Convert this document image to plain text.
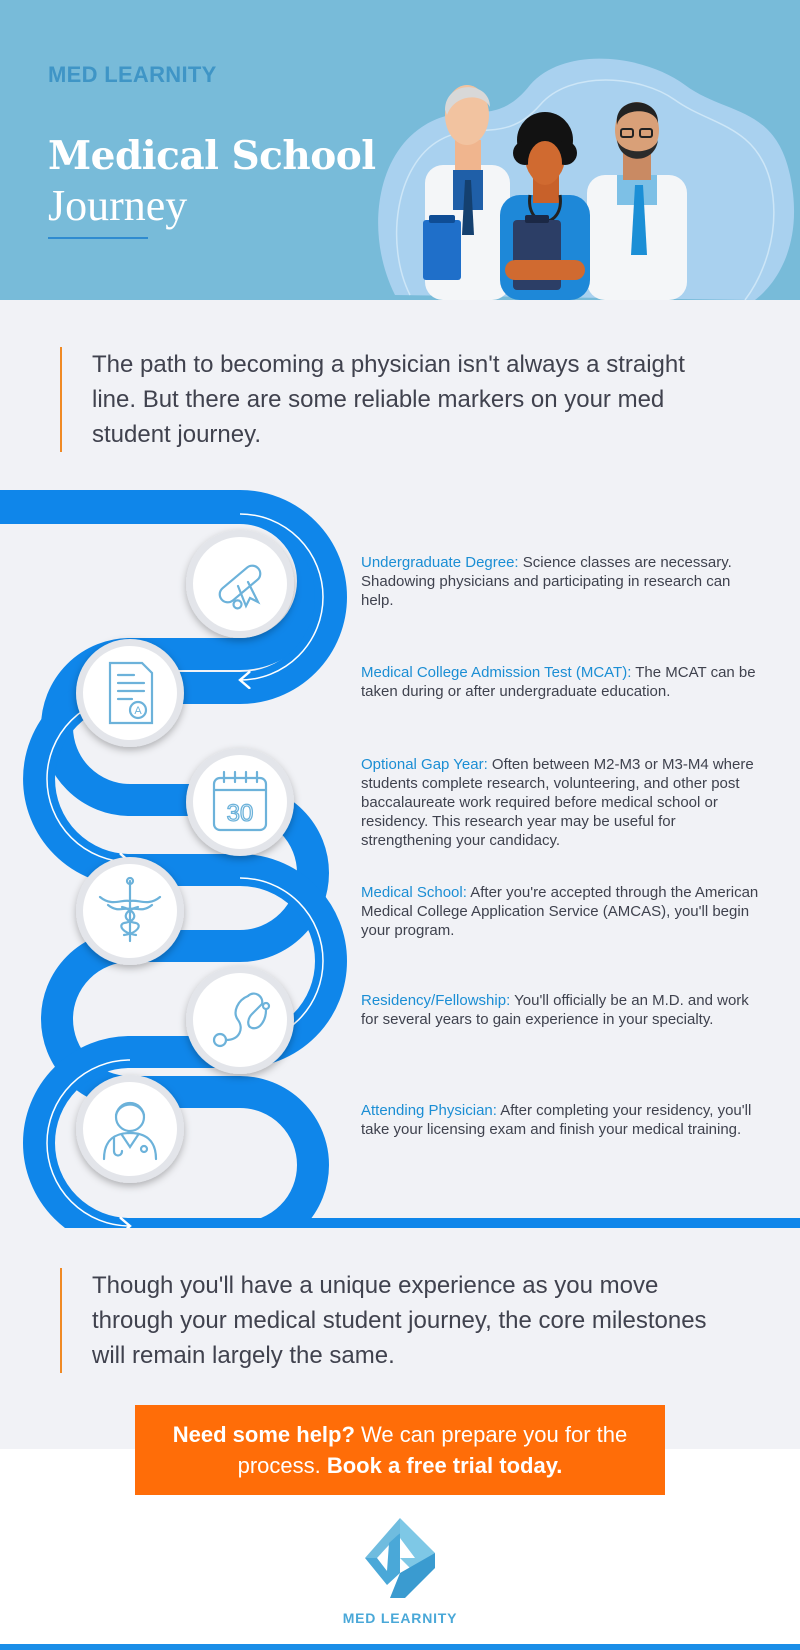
MED LEARNITY
Medical School
Journey
The path to becoming a physician isn't always a straight line. But there are some reliable markers on your med student journey.
A
30
Undergraduate Degree: Science classes are necessary. Shadowing physicians and participating in research can help.
Medical College Admission Test (MCAT): The MCAT can be taken during or after undergraduate education.
Optional Gap Year: Often between M2-M3 or M3-M4 where students complete research, volunteering, and other post baccalaureate work required before medical school or residency. This research year may be useful for strengthening your candidacy.
Medical School: After you're accepted through the American Medical College Application Service (AMCAS), you'll begin your program.
Residency/Fellowship: You'll officially be an M.D. and work for several years to gain experience in your specialty.
Attending Physician: After completing your residency, you'll take your licensing exam and finish your medical training.
Though you'll have a unique experience as you move through your medical student journey, the core milestones will remain largely the same.
Need some help? We can prepare you for the process. Book a free trial today.
MED LEARNITY
